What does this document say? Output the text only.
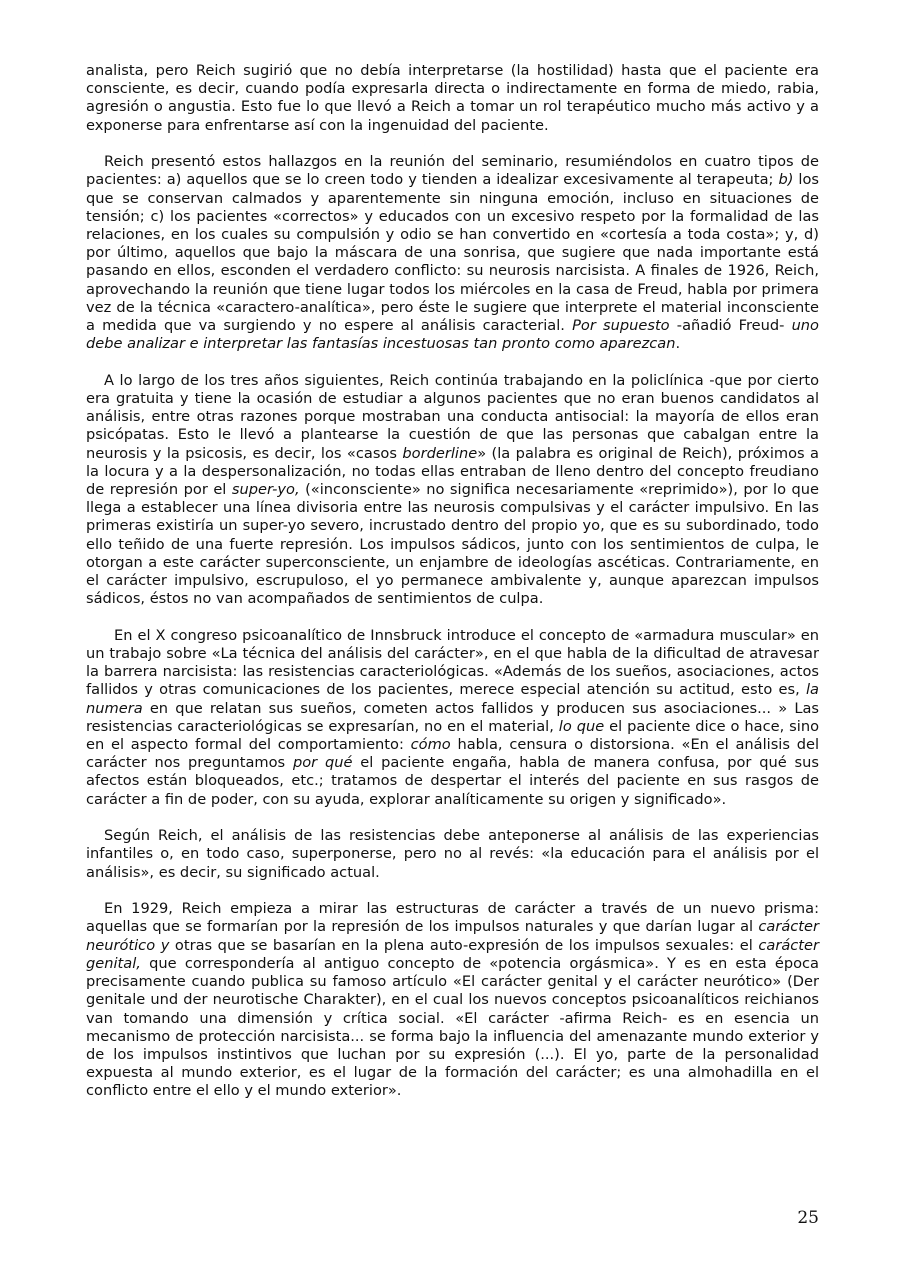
analista, pero Reich sugirió que no debía interpretarse (la hostilidad) hasta que el paciente era consciente, es decir, cuando podía expresarla directa o indirectamente en forma de miedo, rabia, agresión o angustia. Esto fue lo que llevó a Reich a tomar un rol terapéutico mucho más activo y a exponerse para enfrentarse así con la ingenuidad del paciente.

Reich presentó estos hallazgos en la reunión del seminario, resumiéndolos en cuatro tipos de pacientes: a) aquellos que se lo creen todo y tienden a idealizar excesivamente al terapeuta; b) los que se conservan calmados y aparentemente sin ninguna emoción, incluso en situaciones de tensión; c) los pacientes «correctos» y educados con un excesivo respeto por la formalidad de las relaciones, en los cuales su compulsión y odio se han convertido en «cortesía a toda costa»; y, d) por último, aquellos que bajo la máscara de una sonrisa, que sugiere que nada importante está pasando en ellos, esconden el verdadero conflicto: su neurosis narcisista. A finales de 1926, Reich, aprovechando la reunión que tiene lugar todos los miércoles en la casa de Freud, habla por primera vez de la técnica «caractero-analítica», pero éste le sugiere que interprete el material inconsciente a medida que va surgiendo y no espere al análisis caracterial. Por supuesto -añadió Freud- uno debe analizar e interpretar las fantasías incestuosas tan pronto como aparezcan.

A lo largo de los tres años siguientes, Reich continúa trabajando en la policlínica -que por cierto era gratuita y tiene la ocasión de estudiar a algunos pacientes que no eran buenos candidatos al análisis, entre otras razones porque mostraban una conducta antisocial: la mayoría de ellos eran psicópatas. Esto le llevó a plantearse la cuestión de que las personas que cabalgan entre la neurosis y la psicosis, es decir, los «casos borderline» (la palabra es original de Reich), próximos a la locura y a la despersonalización, no todas ellas entraban de lleno dentro del concepto freudiano de represión por el super-yo, («inconsciente» no significa necesariamente «reprimido»), por lo que llega a establecer una línea divisoria entre las neurosis compulsivas y el carácter impulsivo. En las primeras existiría un super-yo severo, incrustado dentro del propio yo, que es su subordinado, todo ello teñido de una fuerte represión. Los impulsos sádicos, junto con los sentimientos de culpa, le otorgan a este carácter superconsciente, un enjambre de ideologías ascéticas. Contrariamente, en el carácter impulsivo, escrupuloso, el yo permanece ambivalente y, aunque aparezcan impulsos sádicos, éstos no van acompañados de sentimientos de culpa.

En el X congreso psicoanalítico de Innsbruck introduce el concepto de «armadura muscular» en un trabajo sobre «La técnica del análisis del carácter», en el que habla de la dificultad de atravesar la barrera narcisista: las resistencias caracteriológicas. «Además de los sueños, asociaciones, actos fallidos y otras comunicaciones de los pacientes, merece especial atención su actitud, esto es, la numera en que relatan sus sueños, cometen actos fallidos y producen sus asociaciones... » Las resistencias caracteriológicas se expresarían, no en el material, lo que el paciente dice o hace, sino en el aspecto formal del comportamiento: cómo habla, censura o distorsiona. «En el análisis del carácter nos preguntamos por qué el paciente engaña, habla de manera confusa, por qué sus afectos están bloqueados, etc.; tratamos de despertar el interés del paciente en sus rasgos de carácter a fin de poder, con su ayuda, explorar analíticamente su origen y significado».

Según Reich, el análisis de las resistencias debe anteponerse al análisis de las experiencias infantiles o, en todo caso, superponerse, pero no al revés: «la educación para el análisis por el análisis», es decir, su significado actual.

En 1929, Reich empieza a mirar las estructuras de carácter a través de un nuevo prisma: aquellas que se formarían por la represión de los impulsos naturales y que darían lugar al carácter neurótico y otras que se basarían en la plena auto-expresión de los impulsos sexuales: el carácter genital, que correspondería al antiguo concepto de «potencia orgásmica». Y es en esta época precisamente cuando publica su famoso artículo «El carácter genital y el carácter neurótico» (Der genitale und der neurotische Charakter), en el cual los nuevos conceptos psicoanalíticos reichianos van tomando una dimensión y crítica social. «El carácter -afirma Reich- es en esencia un mecanismo de protección narcisista... se forma bajo la influencia del amenazante mundo exterior y de los impulsos instintivos que luchan por su expresión (...). El yo, parte de la personalidad expuesta al mundo exterior, es el lugar de la formación del carácter; es una almohadilla en el conflicto entre el ello y el mundo exterior».

25
